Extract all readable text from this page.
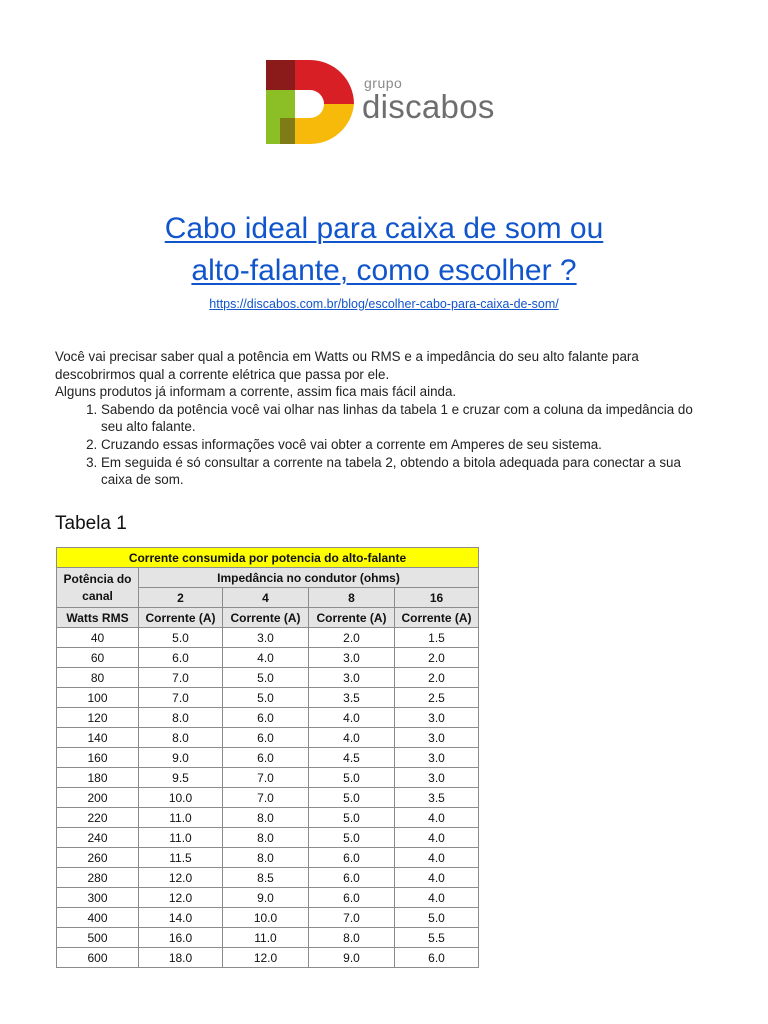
grupo
discabos
Cabo ideal para caixa de som ou
alto-falante, como escolher ?
https://discabos.com.br/blog/escolher-cabo-para-caixa-de-som/

Você vai precisar saber qual a potência em Watts ou RMS e a impedância do seu alto falante para descobrirmos qual a corrente elétrica que passa por ele.

Alguns produtos já informam a corrente, assim fica mais fácil ainda.

1. Sabendo da potência você vai olhar nas linhas da tabela 1 e cruzar com a coluna da impedância do seu alto falante.
2. Cruzando essas informações você vai obter a corrente em Amperes de seu sistema.
3. Em seguida é só consultar a corrente na tabela 2, obtendo a bitola adequada para conectar a sua caixa de som.
Tabela 1
Corrente consumida por potencia do alto-falante				
Potência do canal	Impedância no condutor (ohms)			
	2	4	8	16
Watts RMS	Corrente (A)	Corrente (A)	Corrente (A)	Corrente (A)
40	5.0	3.0	2.0	1.5
60	6.0	4.0	3.0	2.0
80	7.0	5.0	3.0	2.0
100	7.0	5.0	3.5	2.5
120	8.0	6.0	4.0	3.0
140	8.0	6.0	4.0	3.0
160	9.0	6.0	4.5	3.0
180	9.5	7.0	5.0	3.0
200	10.0	7.0	5.0	3.5
220	11.0	8.0	5.0	4.0
240	11.0	8.0	5.0	4.0
260	11.5	8.0	6.0	4.0
280	12.0	8.5	6.0	4.0
300	12.0	9.0	6.0	4.0
400	14.0	10.0	7.0	5.0
500	16.0	11.0	8.0	5.5
600	18.0	12.0	9.0	6.0
